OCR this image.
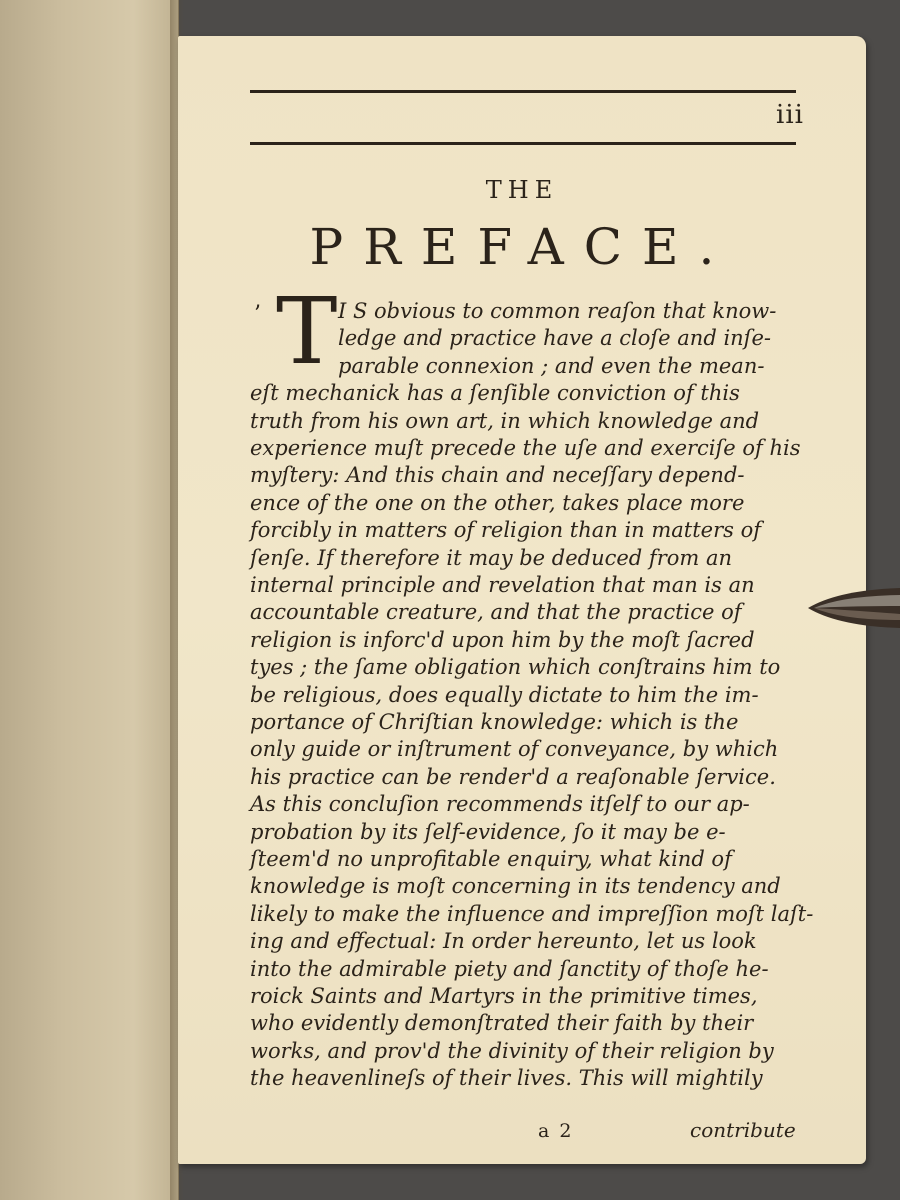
iii
THE
PREFACE.
’ T I S obvious to common reaſon that know-

ledge and practice have a cloſe and inſe-

parable connexion ; and even the mean-

eſt mechanick has a ſenſible conviction of this

truth from his own art, in which knowledge and

experience muſt precede the uſe and exerciſe of his

myſtery: And this chain and neceſſary depend-

ence of the one on the other, takes place more

forcibly in matters of religion than in matters of

ſenſe. If therefore it may be deduced from an

internal principle and revelation that man is an

accountable creature, and that the practice of

religion is inforc'd upon him by the moſt ſacred

tyes ; the ſame obligation which conſtrains him to

be religious, does equally dictate to him the im-

portance of Chriſtian knowledge: which is the

only guide or inſtrument of conveyance, by which

his practice can be render'd a reaſonable ſervice.

As this concluſion recommends itſelf to our ap-

probation by its ſelf-evidence, ſo it may be e-

ſteem'd no unprofitable enquiry, what kind of

knowledge is moſt concerning in its tendency and

likely to make the influence and impreſſion moſt laſt-

ing and effectual: In order hereunto, let us look

into the admirable piety and ſanctity of thoſe he-

roick Saints and Martyrs in the primitive times,

who evidently demonſtrated their faith by their

works, and prov'd the divinity of their religion by

the heavenlineſs of their lives. This will mightily

a 2	contribute
